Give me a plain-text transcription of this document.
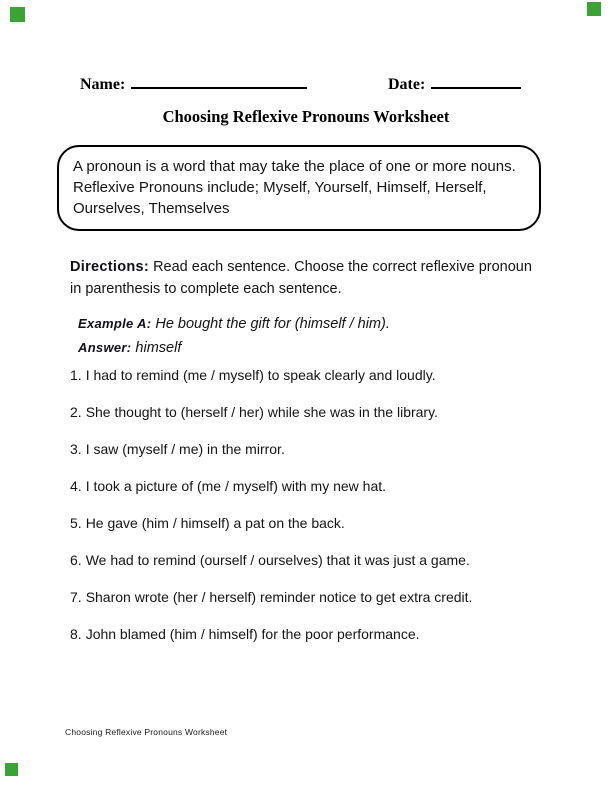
Name:	Date:
Choosing Reflexive Pronouns Worksheet

A pronoun is a word that may take the place of one or more nouns.

Reflexive Pronouns include; Myself, Yourself, Himself, Herself, Ourselves, Themselves

Directions: Read each sentence. Choose the correct reflexive pronoun in parenthesis to complete each sentence.
Example A: He bought the gift for (himself / him).
Answer: himself
1. I had to remind (me / myself) to speak clearly and loudly.
2. She thought to (herself / her) while she was in the library.
3. I saw (myself / me) in the mirror.
4. I took a picture of (me / myself) with my new hat.
5. He gave (him / himself) a pat on the back.
6. We had to remind (ourself / ourselves) that it was just a game.
7. Sharon wrote (her / herself) reminder notice to get extra credit.
8. John blamed (him / himself) for the poor performance.
Choosing Reflexive Pronouns Worksheet
